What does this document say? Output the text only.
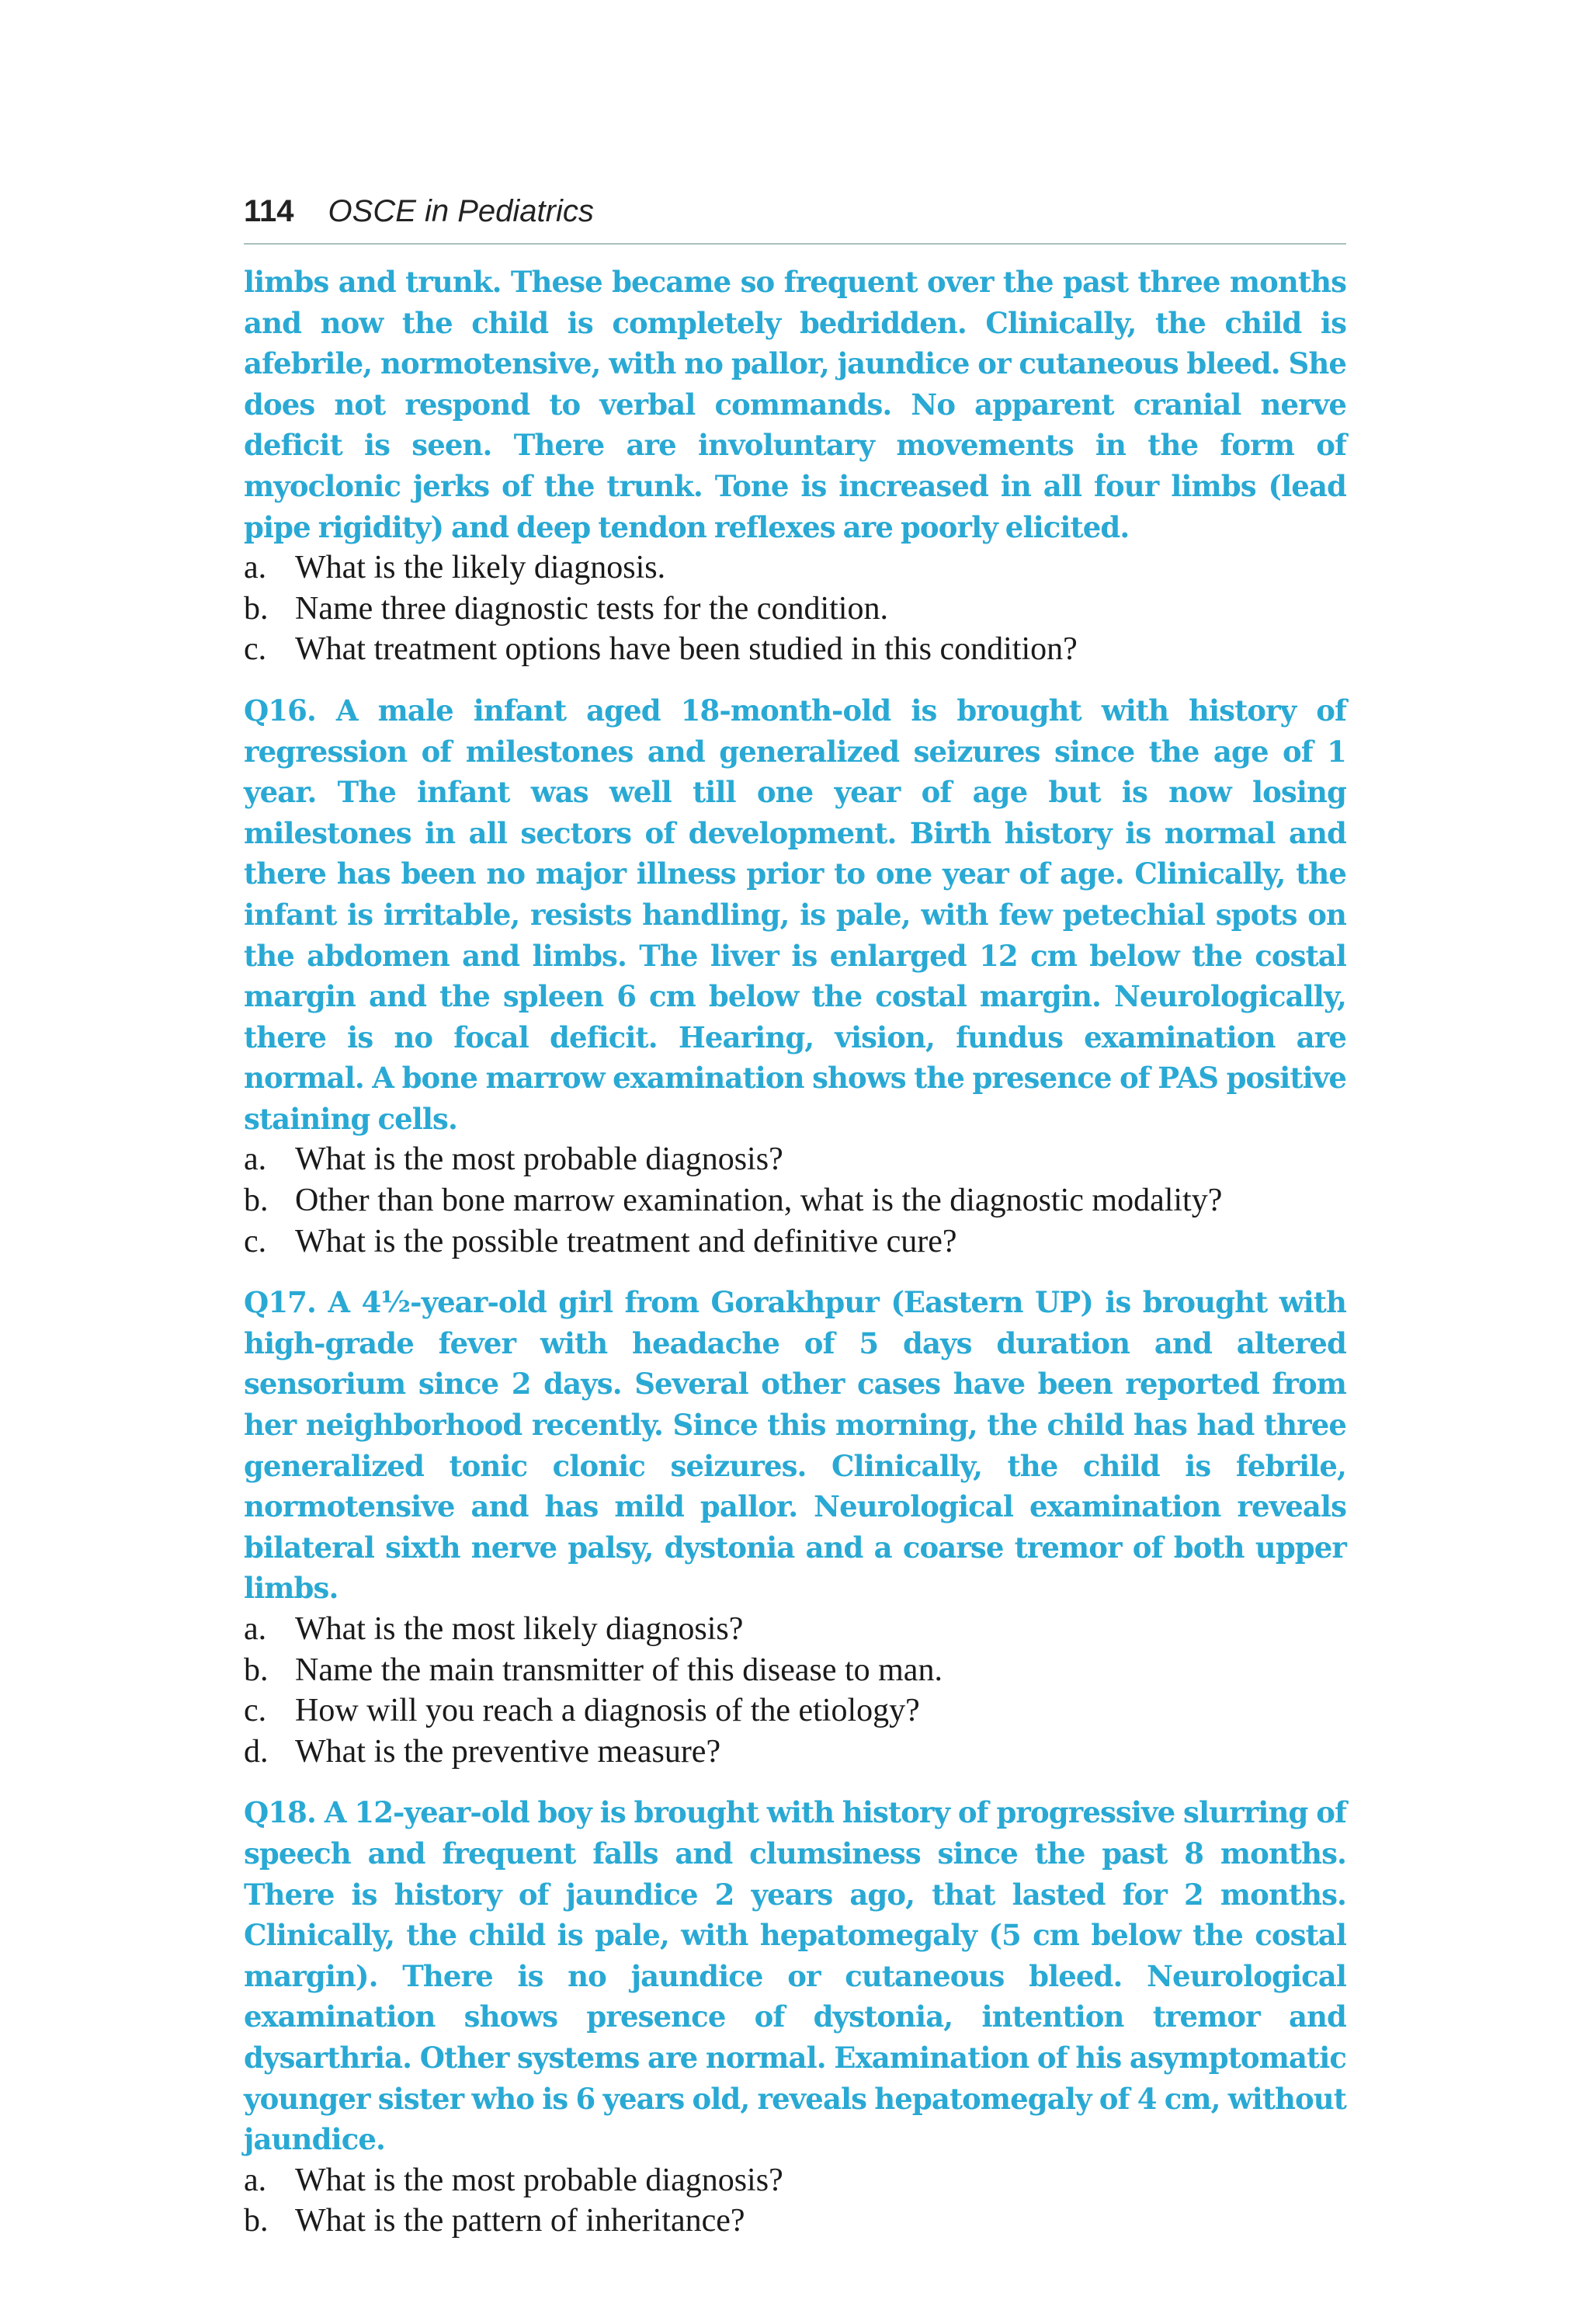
114 OSCE in Pediatrics

limbs and trunk. These became so frequent over the past three months and now the child is completely bedridden. Clinically, the child is afebrile, normotensive, with no pallor, jaundice or cutaneous bleed. She does not respond to verbal commands. No apparent cranial nerve deficit is seen. There are involuntary movements in the form of myoclonic jerks of the trunk. Tone is increased in all four limbs (lead pipe rigidity) and deep tendon reflexes are poorly elicited.

a. What is the likely diagnosis.
b. Name three diagnostic tests for the condition.
c. What treatment options have been studied in this condition?

Q16. A male infant aged 18-month-old is brought with history of regression of milestones and generalized seizures since the age of 1 year. The infant was well till one year of age but is now losing milestones in all sectors of development. Birth history is normal and there has been no major illness prior to one year of age. Clinically, the infant is irritable, resists handling, is pale, with few petechial spots on the abdomen and limbs. The liver is enlarged 12 cm below the costal margin and the spleen 6 cm below the costal margin. Neurologically, there is no focal deficit. Hearing, vision, fundus examination are normal. A bone marrow examination shows the presence of PAS positive staining cells.

a. What is the most probable diagnosis?
b. Other than bone marrow examination, what is the diagnostic modality?
c. What is the possible treatment and definitive cure?

Q17. A 4½-year-old girl from Gorakhpur (Eastern UP) is brought with high-grade fever with headache of 5 days duration and altered sensorium since 2 days. Several other cases have been reported from her neighborhood recently. Since this morning, the child has had three generalized tonic clonic seizures. Clinically, the child is febrile, normotensive and has mild pallor. Neurological examination reveals bilateral sixth nerve palsy, dystonia and a coarse tremor of both upper limbs.

a. What is the most likely diagnosis?
b. Name the main transmitter of this disease to man.
c. How will you reach a diagnosis of the etiology?
d. What is the preventive measure?

Q18. A 12-year-old boy is brought with history of progressive slurring of speech and frequent falls and clumsiness since the past 8 months. There is history of jaundice 2 years ago, that lasted for 2 months. Clinically, the child is pale, with hepatomegaly (5 cm below the costal margin). There is no jaundice or cutaneous bleed. Neurological examination shows presence of dystonia, intention tremor and dysarthria. Other systems are normal. Examination of his asymptomatic younger sister who is 6 years old, reveals hepatomegaly of 4 cm, without jaundice.

a. What is the most probable diagnosis?
b. What is the pattern of inheritance?
